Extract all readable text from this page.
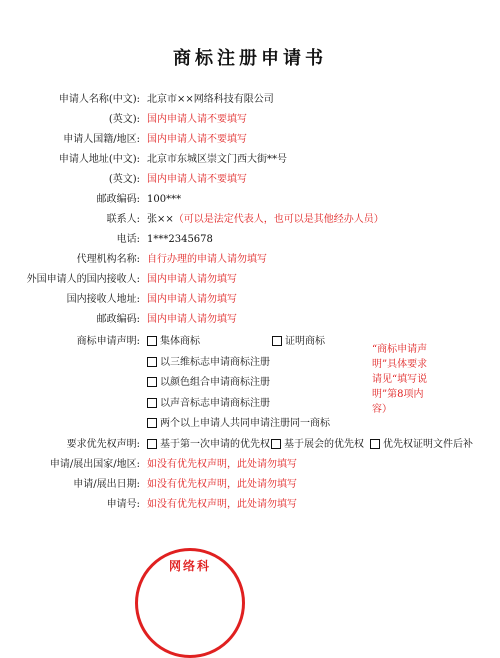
商标注册申请书
申请人名称(中文): 北京市××网络科技有限公司
(英文): 国内申请人请不要填写
申请人国籍/地区: 国内申请人请不要填写
申请人地址(中文): 北京市东城区崇文门西大街**号
(英文): 国内申请人请不要填写
邮政编码: 100***
联系人: 张××（可以是法定代表人，也可以是其他经办人员）
电话: 1***2345678
代理机构名称: 自行办理的申请人请勿填写
外国申请人的国内接收人: 国内申请人请勿填写
国内接收人地址: 国内申请人请勿填写
邮政编码: 国内申请人请勿填写
商标申请声明:	集体商标	证明商标
以三维标志申请商标注册
以颜色组合申请商标注册
以声音标志申请商标注册
两个以上申请人共同申请注册同一商标
“商标申请声明”具体要求请见“填写说明”第8项内容）
要求优先权声明:	基于第一次申请的优先权	基于展会的优先权	优先权证明文件后补
申请/展出国家/地区: 如没有优先权声明，此处请勿填写
申请/展出日期: 如没有优先权声明，此处请勿填写
申请号: 如没有优先权声明，此处请勿填写
网络科
